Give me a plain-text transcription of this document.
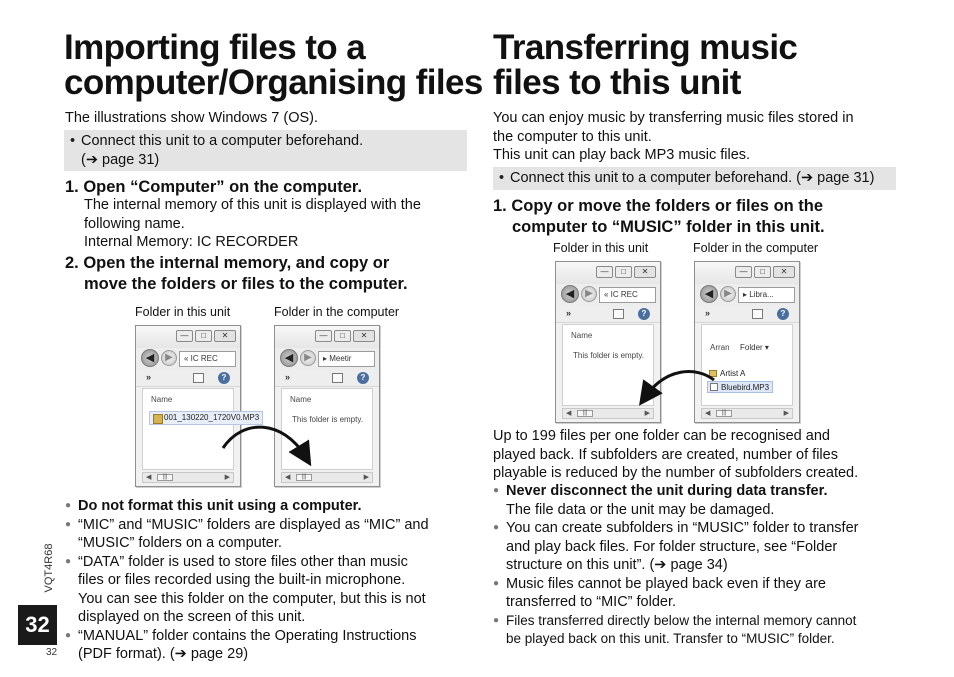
Importing files to a
computer/Organising files
The illustrations show Windows 7 (OS).
• Connect this unit to a computer beforehand.
(➔ page 31)
1. Open “Computer” on the computer.
The internal memory of this unit is displayed with the
following name.
Internal Memory: IC RECORDER
2. Open the internal memory, and copy or
move the folders or files to the computer.
Folder in this unit	Folder in the computer
—	□	✕
◀	▶	« IC REC
»	?
Name
001_130220_1720V0.MP3
◀	|||	▶
—	□	✕
◀	▶	▸ Meetir
»	?
Name
This folder is empty.
◀	|||	▶
● Do not format this unit using a computer.
● “MIC” and “MUSIC” folders are displayed as “MIC” and
“MUSIC” folders on a computer.
● “DATA” folder is used to store files other than music
files or files recorded using the built-in microphone.
You can see this folder on the computer, but this is not
displayed on the screen of this unit.
● “MANUAL” folder contains the Operating Instructions
(PDF format). (➔ page 29)
Transferring music
files to this unit
You can enjoy music by transferring music files stored in
the computer to this unit.
This unit can play back MP3 music files.
• Connect this unit to a computer beforehand. (➔ page 31)
1. Copy or move the folders or files on the
computer to “MUSIC” folder in this unit.
Folder in this unit	Folder in the computer
—	□	✕
◀	▶	« IC REC
»	?
Name
This folder is empty.
◀	|||	▶
—	□	✕
◀	▶	▸ Libra...
»	?
Arran Folder ▾
Artist A
Bluebird.MP3
◀	|||	▶
Up to 199 files per one folder can be recognised and
played back. If subfolders are created, number of files
playable is reduced by the number of subfolders created.
● Never disconnect the unit during data transfer.
The file data or the unit may be damaged.
● You can create subfolders in “MUSIC” folder to transfer
and play back files. For folder structure, see “Folder
structure on this unit”. (➔ page 34)
● Music files cannot be played back even if they are
transferred to “MIC” folder.
● Files transferred directly below the internal memory cannot
be played back on this unit. Transfer to “MUSIC” folder.
VQT4R68
32
32
